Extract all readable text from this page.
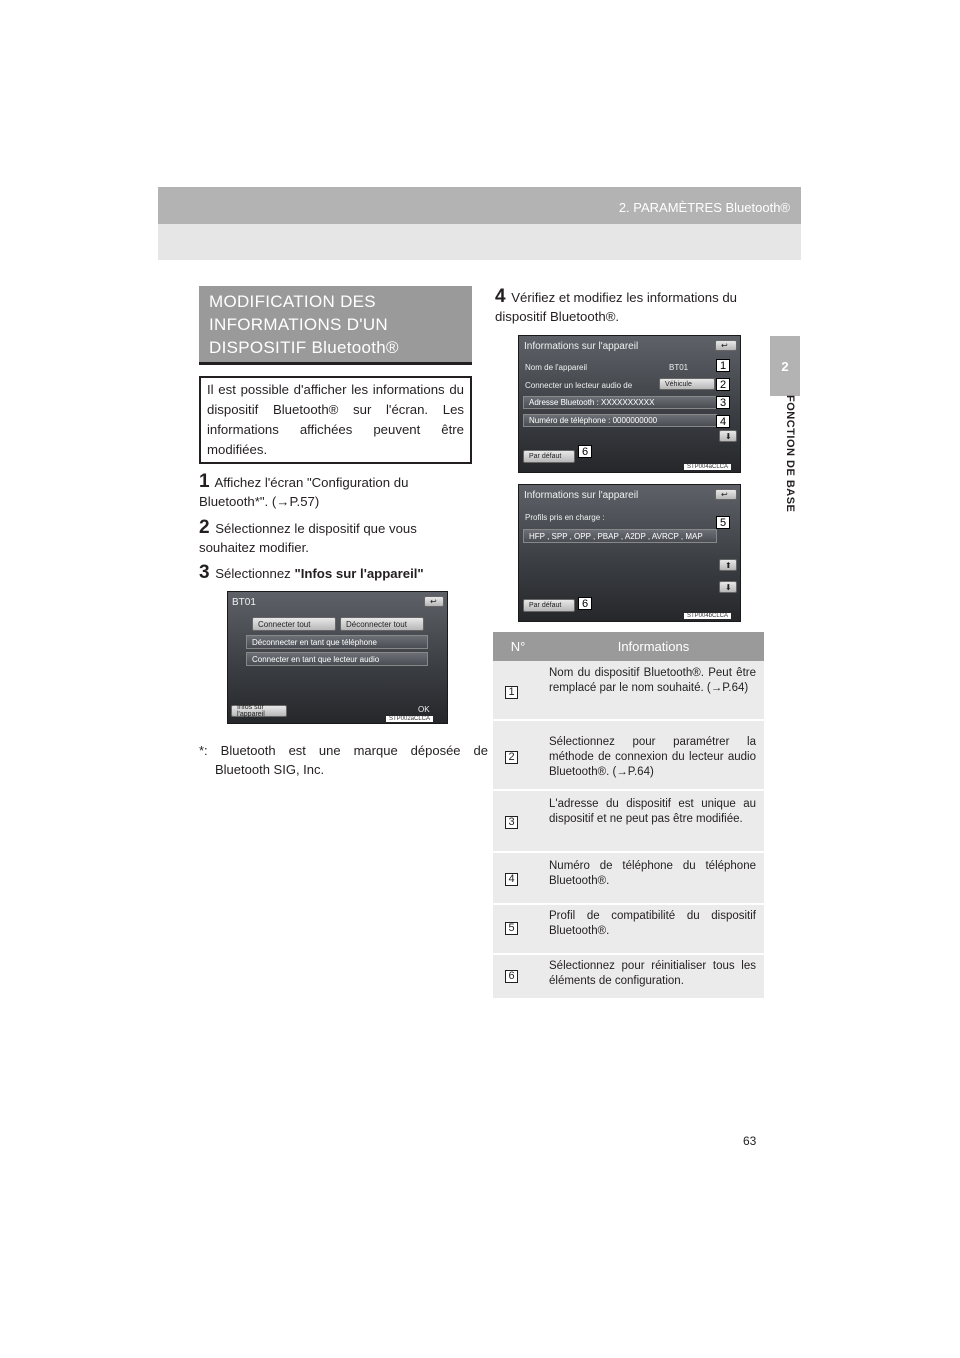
2. PARAMÈTRES Bluetooth®
2
FONCTION DE BASE
MODIFICATION DES INFORMATIONS D'UN DISPOSITIF Bluetooth®
Il est possible d'afficher les informations du dispositif Bluetooth® sur l'écran. Les informations affichées peuvent être modifiées.
1 Affichez l'écran "Configuration du Bluetooth*". (→P.57)
2 Sélectionnez le dispositif que vous souhaitez modifier.
3 Sélectionnez "Infos sur l'appareil"
BT01	↩
Connecter tout	Déconnecter tout
Déconnecter en tant que téléphone
Connecter en tant que lecteur audio
Infos sur l'appareil
OK
STP002aCLCA
*: Bluetooth est une marque déposée de Bluetooth SIG, Inc.
4 Vérifiez et modifiez les informations du dispositif Bluetooth®.
Informations sur l'appareil	↩
Nom de l'appareil	BT01
Connecter un lecteur audio de	Véhicule
Adresse Bluetooth : XXXXXXXXXX
Numéro de téléphone : 0000000000
⬇
Par défaut
STP004aCLCA
1
2
3
4
6
Informations sur l'appareil	↩
Profils pris en charge :
HFP , SPP , OPP , PBAP , A2DP , AVRCP , MAP
⬆
⬇
Par défaut
STP004bCLCA
5
6
N°	Informations
1
Nom du dispositif Bluetooth®. Peut être remplacé par le nom souhaité. (→P.64)
2
Sélectionnez pour paramétrer la méthode de connexion du lecteur audio Bluetooth®. (→P.64)
3
L'adresse du dispositif est unique au dispositif et ne peut pas être modifiée.
4
Numéro de téléphone du téléphone Bluetooth®.
5
Profil de compatibilité du dispositif Bluetooth®.
6
Sélectionnez pour réinitialiser tous les éléments de configuration.
63
